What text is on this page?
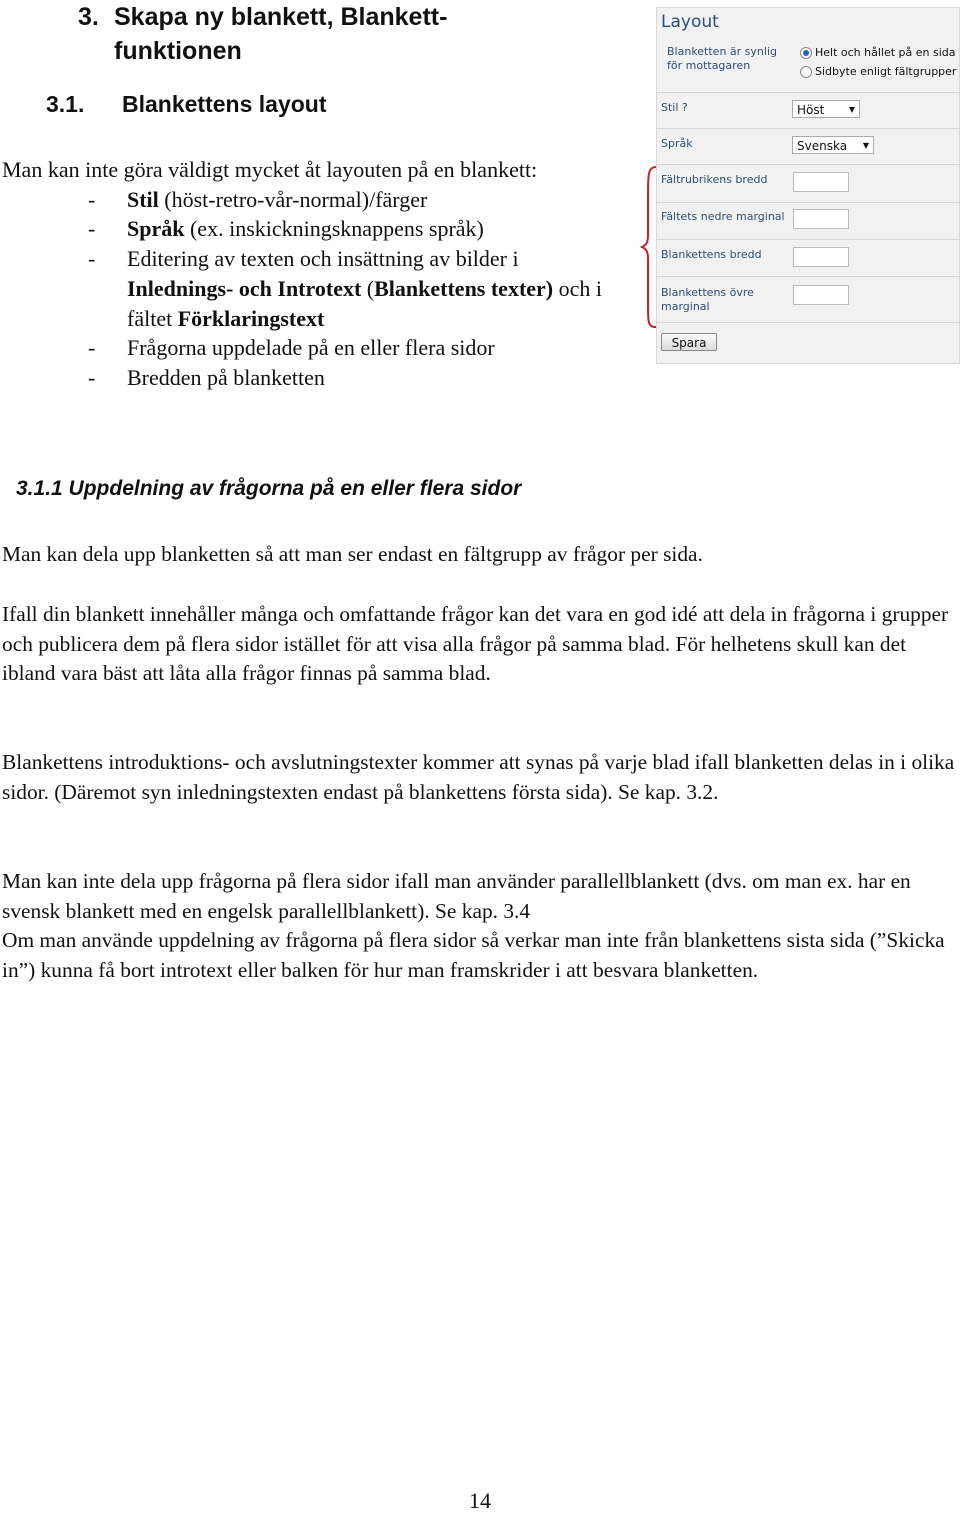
3. Skapa ny blankett, Blankett-
funktionen
3.1. Blankettens layout
Man kan inte göra väldigt mycket åt layouten på en blankett:
- Stil (höst-retro-vår-normal)/färger
- Språk (ex. inskickningsknappens språk)
- Editering av texten och insättning av bilder i
Inlednings- och Introtext (Blankettens texter) och i fältet Förklaringstext
- Frågorna uppdelade på en eller flera sidor
- Bredden på blanketten
Layout
Blanketten är synlig för mottagaren
Helt och hållet på en sida
Sidbyte enligt fältgrupper
Stil ?	Höst	▼
Språk	Svenska ▼
Fältrubrikens bredd
Fältets nedre marginal
Blankettens bredd
Blankettens övre marginal
Spara
3.1.1 Uppdelning av frågorna på en eller flera sidor
Man kan dela upp blanketten så att man ser endast en fältgrupp av frågor per sida.
Ifall din blankett innehåller många och omfattande frågor kan det vara en god idé att dela in frågorna i grupper och publicera dem på flera sidor istället för att visa alla frågor på samma blad. För helhetens skull kan det ibland vara bäst att låta alla frågor finnas på samma blad.
Blankettens introduktions- och avslutningstexter kommer att synas på varje blad ifall blanketten delas in i olika sidor. (Däremot syn inledningstexten endast på blankettens första sida). Se kap. 3.2.
Man kan inte dela upp frågorna på flera sidor ifall man använder parallellblankett (dvs. om man ex. har en svensk blankett med en engelsk parallellblankett). Se kap. 3.4
Om man använde uppdelning av frågorna på flera sidor så verkar man inte från blankettens sista sida (”Skicka in”) kunna få bort introtext eller balken för hur man framskrider i att besvara blanketten.
14
